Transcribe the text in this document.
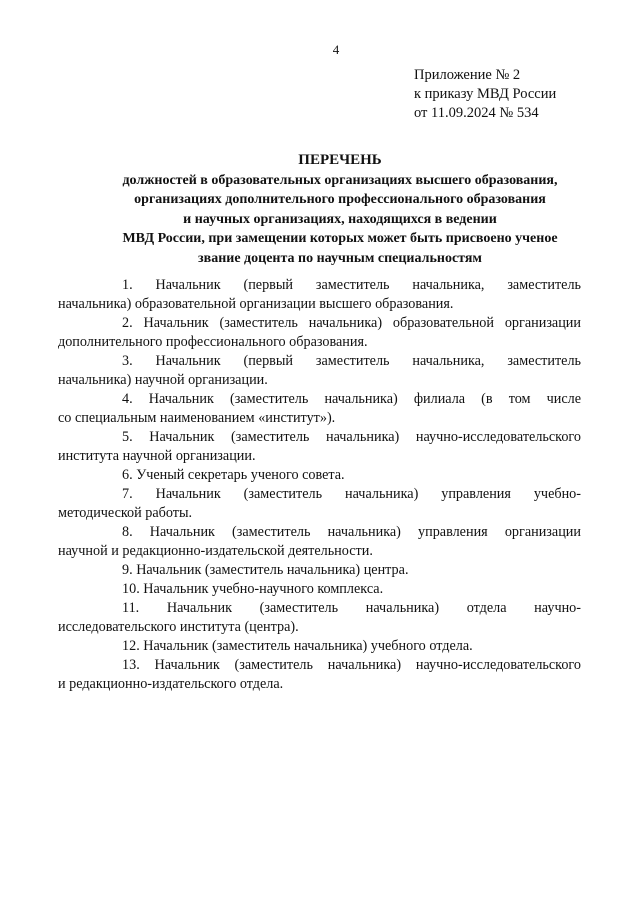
4
Приложение № 2
к приказу МВД России
от 11.09.2024 № 534
ПЕРЕЧЕНЬ
должностей в образовательных организациях высшего образования,
организациях дополнительного профессионального образования
и научных организациях, находящихся в ведении
МВД России, при замещении которых может быть присвоено ученое
звание доцента по научным специальностям

1. Начальник (первый заместитель начальника, заместитель
начальника) образовательной организации высшего образования.

2. Начальник (заместитель начальника) образовательной организации
дополнительного профессионального образования.

3. Начальник (первый заместитель начальника, заместитель
начальника) научной организации.

4. Начальник (заместитель начальника) филиала (в том числе
со специальным наименованием «институт»).

5. Начальник (заместитель начальника) научно-исследовательского
института научной организации.

6. Ученый секретарь ученого совета.

7. Начальник (заместитель начальника) управления учебно-
методической работы.

8. Начальник (заместитель начальника) управления организации
научной и редакционно-издательской деятельности.

9. Начальник (заместитель начальника) центра.

10. Начальник учебно-научного комплекса.

11. Начальник (заместитель начальника) отдела научно-
исследовательского института (центра).

12. Начальник (заместитель начальника) учебного отдела.

13. Начальник (заместитель начальника) научно-исследовательского
и редакционно-издательского отдела.
